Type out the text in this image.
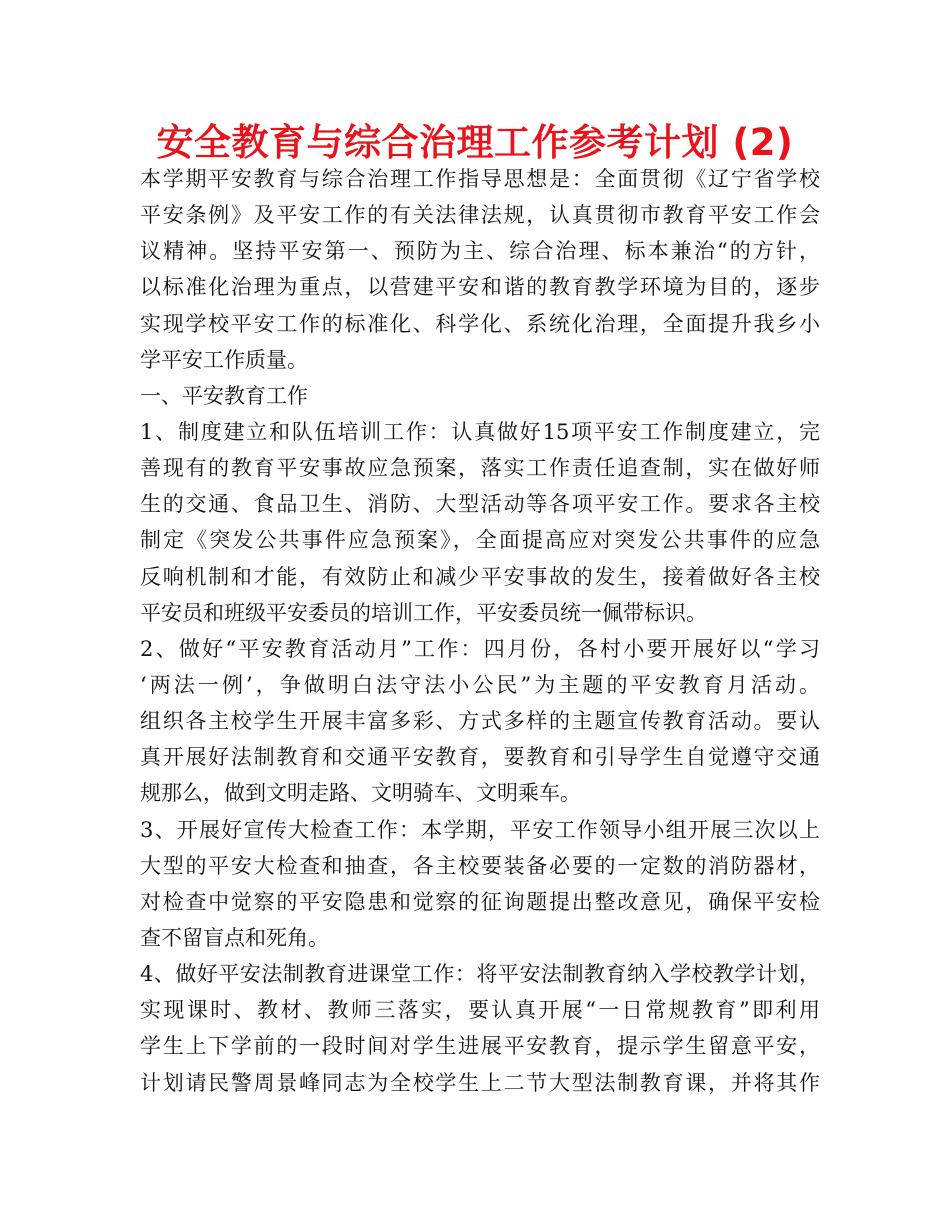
安全教育与综合治理工作参考计划 (2)
本学期平安教育与综合治理工作指导思想是：全面贯彻《辽宁省学校
平安条例》及平安工作的有关法律法规，认真贯彻市教育平安工作会
议精神。坚持平安第一、预防为主、综合治理、标本兼治“的方针，
以标准化治理为重点，以营建平安和谐的教育教学环境为目的，逐步
实现学校平安工作的标准化、科学化、系统化治理，全面提升我乡小
学平安工作质量。
一、平安教育工作
1、制度建立和队伍培训工作：认真做好15项平安工作制度建立，完
善现有的教育平安事故应急预案，落实工作责任追查制，实在做好师
生的交通、食品卫生、消防、大型活动等各项平安工作。要求各主校
制定《突发公共事件应急预案》，全面提高应对突发公共事件的应急
反响机制和才能，有效防止和减少平安事故的发生，接着做好各主校
平安员和班级平安委员的培训工作，平安委员统一佩带标识。
2、做好“平安教育活动月”工作：四月份，各村小要开展好以“学习
‘两法一例’，争做明白法守法小公民”为主题的平安教育月活动。
组织各主校学生开展丰富多彩、方式多样的主题宣传教育活动。要认
真开展好法制教育和交通平安教育，要教育和引导学生自觉遵守交通
规那么，做到文明走路、文明骑车、文明乘车。
3、开展好宣传大检查工作：本学期，平安工作领导小组开展三次以上
大型的平安大检查和抽查，各主校要装备必要的一定数的消防器材，
对检查中觉察的平安隐患和觉察的征询题提出整改意见，确保平安检
查不留盲点和死角。
4、做好平安法制教育进课堂工作：将平安法制教育纳入学校教学计划，
实现课时、教材、教师三落实，要认真开展“一日常规教育”即利用
学生上下学前的一段时间对学生进展平安教育，提示学生留意平安，
计划请民警周景峰同志为全校学生上二节大型法制教育课，并将其作
